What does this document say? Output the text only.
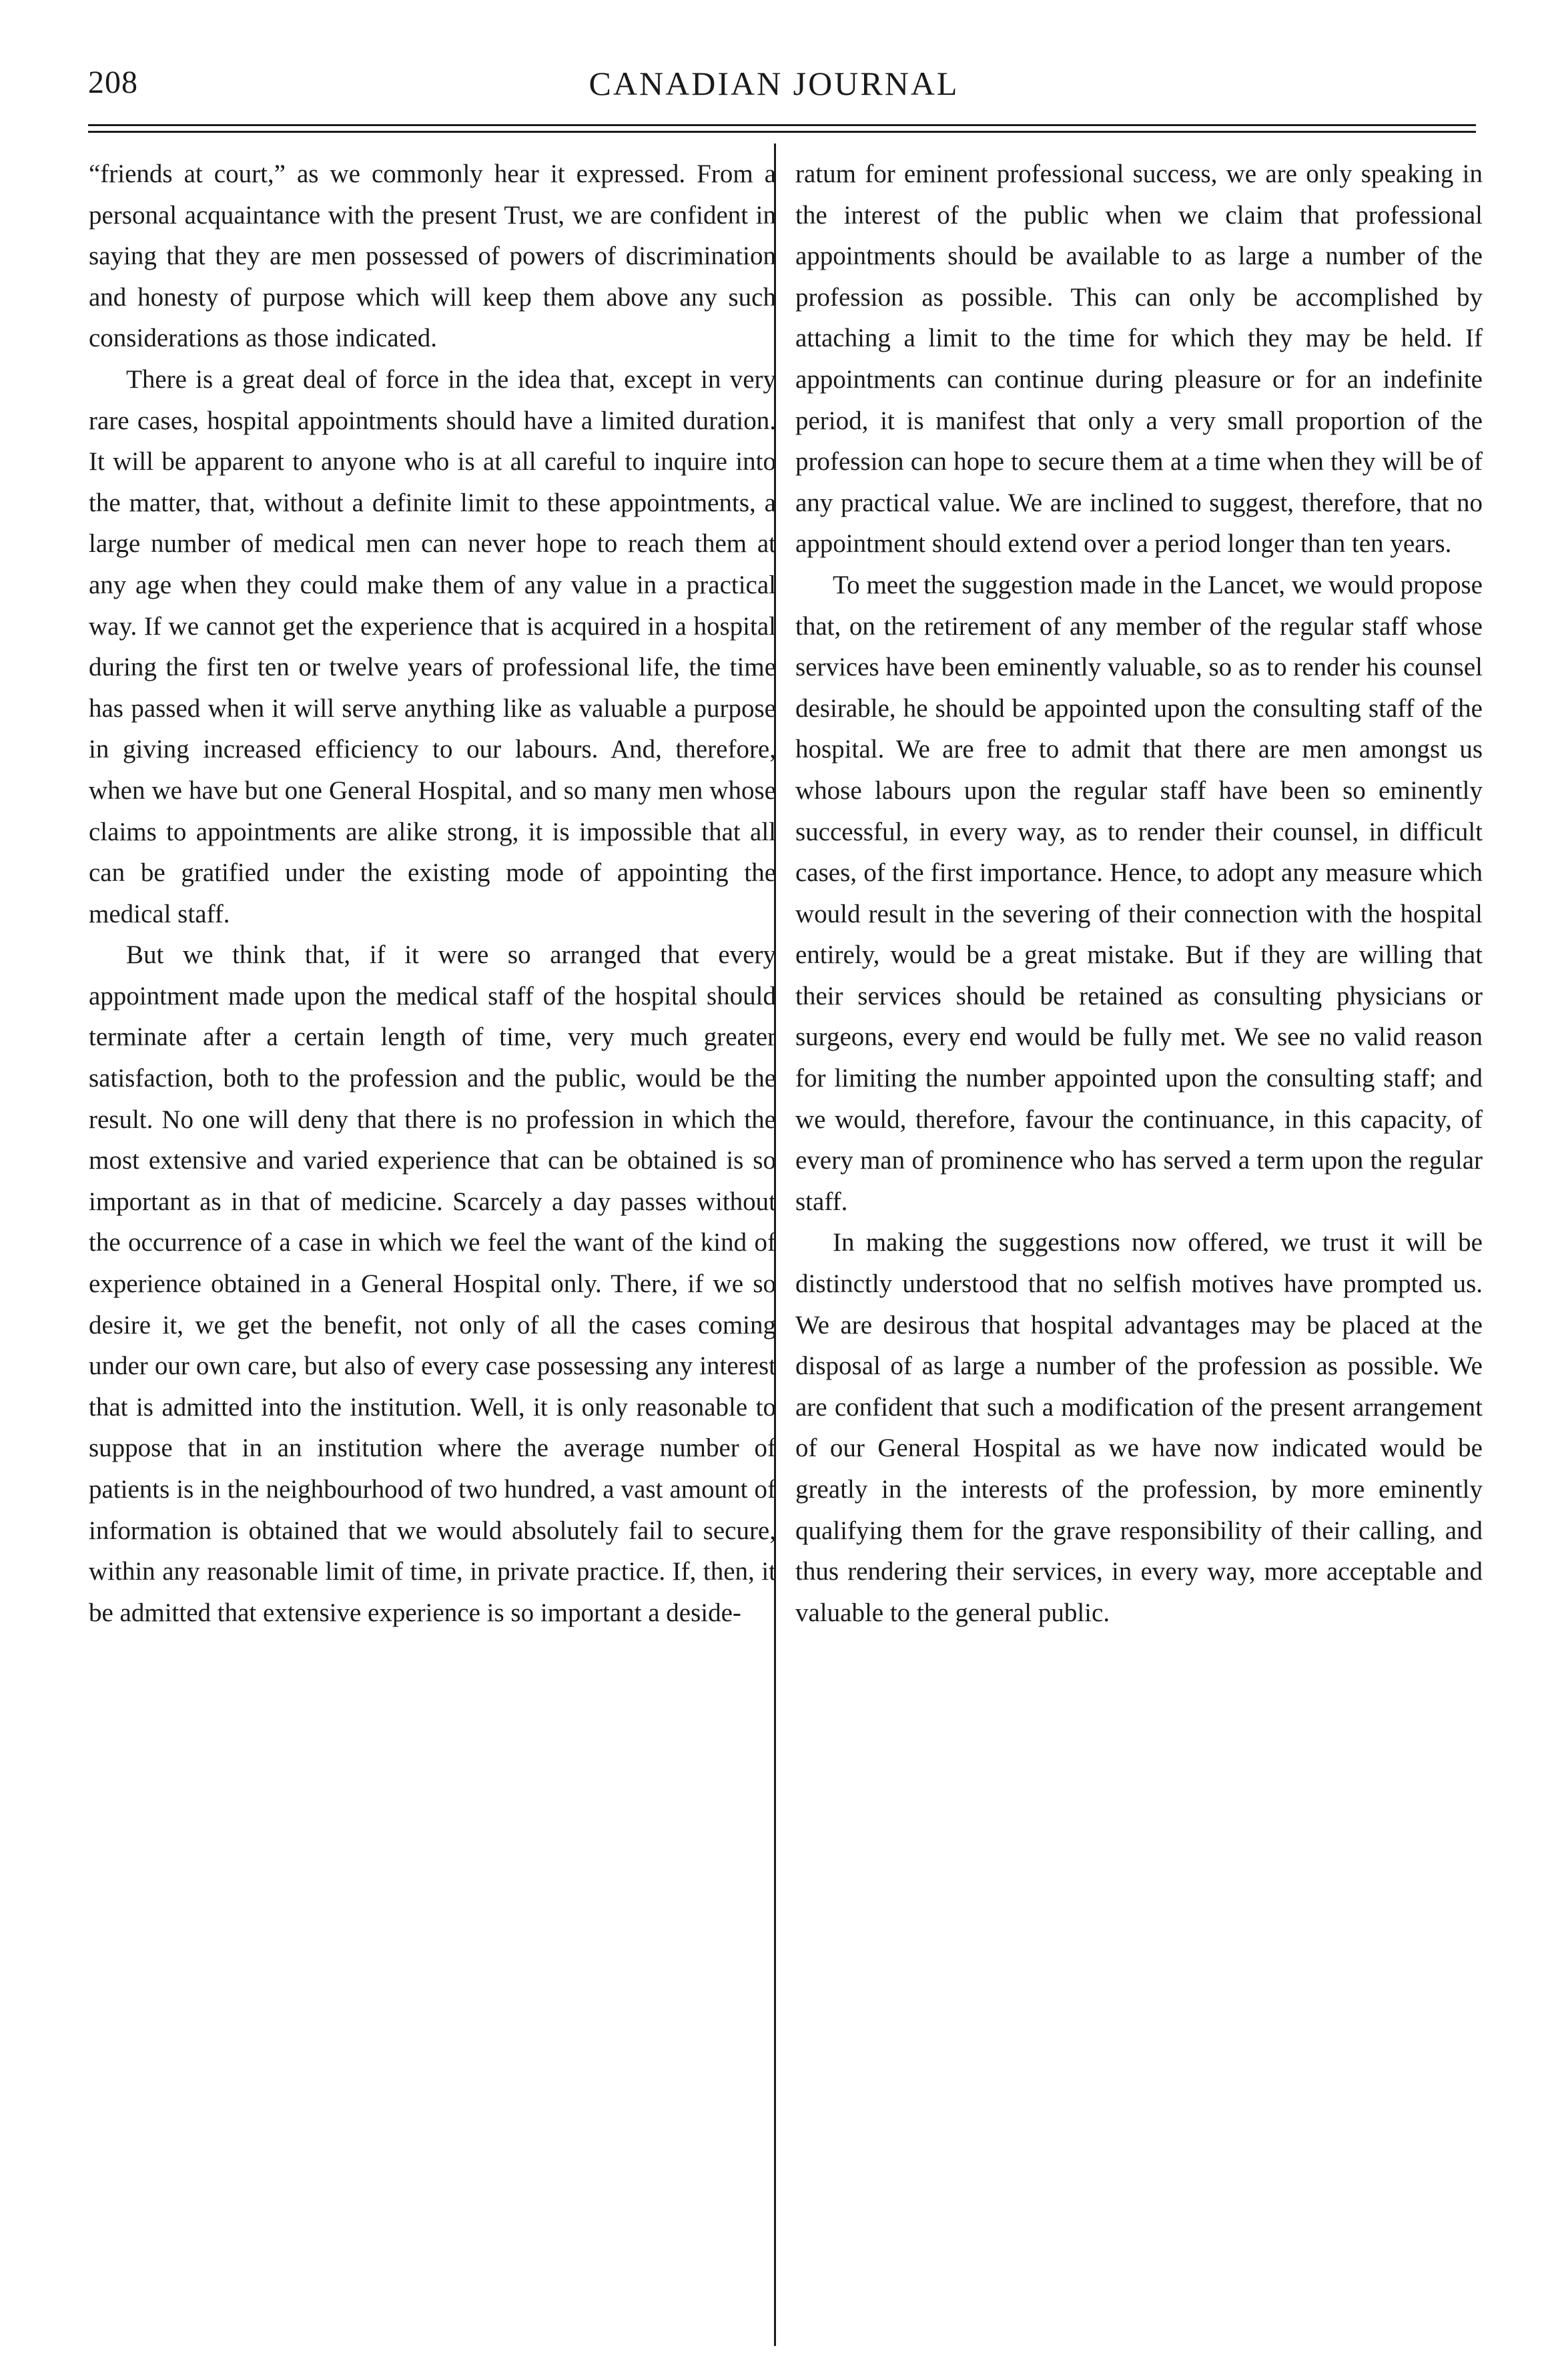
208	CANADIAN JOURNAL

“friends at court,” as we commonly hear it expressed. From a personal acquaintance with the present Trust, we are confident in saying that they are men possessed of powers of discrimination and honesty of purpose which will keep them above any such considerations as those indicated.

There is a great deal of force in the idea that, except in very rare cases, hospital appointments should have a limited duration. It will be apparent to anyone who is at all careful to inquire into the matter, that, without a definite limit to these appointments, a large number of medical men can never hope to reach them at any age when they could make them of any value in a practical way. If we cannot get the experience that is acquired in a hospital during the first ten or twelve years of professional life, the time has passed when it will serve anything like as valuable a purpose in giving increased efficiency to our labours. And, therefore, when we have but one General Hospital, and so many men whose claims to appointments are alike strong, it is impossible that all can be gratified under the existing mode of appointing the medical staff.

But we think that, if it were so arranged that every appointment made upon the medical staff of the hospital should terminate after a certain length of time, very much greater satisfaction, both to the profession and the public, would be the result. No one will deny that there is no profession in which the most extensive and varied experience that can be obtained is so important as in that of medicine. Scarcely a day passes without the occurrence of a case in which we feel the want of the kind of experience obtained in a General Hospital only. There, if we so desire it, we get the benefit, not only of all the cases coming under our own care, but also of every case possessing any interest that is admitted into the institution. Well, it is only reasonable to suppose that in an institution where the average number of patients is in the neighbourhood of two hundred, a vast amount of information is obtained that we would absolutely fail to secure, within any reasonable limit of time, in private practice. If, then, it be admitted that extensive experience is so important a deside-

ratum for eminent professional success, we are only speaking in the interest of the public when we claim that professional appointments should be available to as large a number of the profession as possible. This can only be accomplished by attaching a limit to the time for which they may be held. If appointments can continue during pleasure or for an indefinite period, it is manifest that only a very small proportion of the profession can hope to secure them at a time when they will be of any practical value. We are inclined to suggest, therefore, that no appointment should extend over a period longer than ten years.

To meet the suggestion made in the Lancet, we would propose that, on the retirement of any member of the regular staff whose services have been eminently valuable, so as to render his counsel desirable, he should be appointed upon the consulting staff of the hospital. We are free to admit that there are men amongst us whose labours upon the regular staff have been so eminently successful, in every way, as to render their counsel, in difficult cases, of the first importance. Hence, to adopt any measure which would result in the severing of their connection with the hospital entirely, would be a great mistake. But if they are willing that their services should be retained as consulting physicians or surgeons, every end would be fully met. We see no valid reason for limiting the number appointed upon the consulting staff; and we would, therefore, favour the continuance, in this capacity, of every man of prominence who has served a term upon the regular staff.

In making the suggestions now offered, we trust it will be distinctly understood that no selfish motives have prompted us. We are desirous that hospital advantages may be placed at the disposal of as large a number of the profession as possible. We are confident that such a modification of the present arrangement of our General Hospital as we have now indicated would be greatly in the interests of the profession, by more eminently qualifying them for the grave responsibility of their calling, and thus rendering their services, in every way, more acceptable and valuable to the general public.
